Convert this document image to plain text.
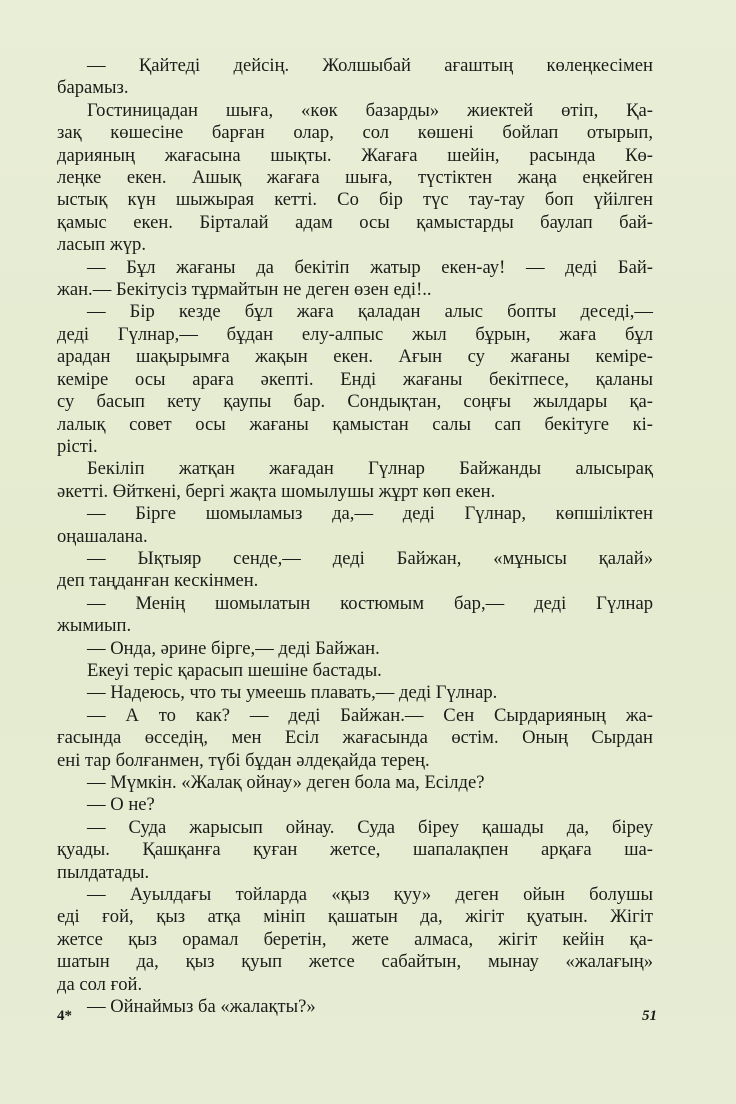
— Қайтеді дейсің. Жолшыбай ағаштың көлеңкесімен
барамыз.
Гостиницадан шыға, «көк базарды» жиектей өтіп, Қа-
зақ көшесіне барған олар, сол көшені бойлап отырып,
дарияның жағасына шықты. Жағаға шейін, расында Кө-
леңке екен. Ашық жағаға шыға, түстіктен жаңа еңкейген
ыстық күн шыжырая кетті. Со бір түс тау-тау боп үйілген
қамыс екен. Бірталай адам осы қамыстарды баулап бай-
ласып жүр.
— Бұл жағаны да бекітіп жатыр екен-ау! — деді Бай-
жан.— Бекітусіз тұрмайтын не деген өзен еді!..
— Бір кезде бұл жаға қаладан алыс бопты деседі,—
деді Гүлнар,— бұдан елу-алпыс жыл бұрын, жаға бұл
арадан шақырымға жақын екен. Ағын су жағаны кеміре-
кеміре осы араға әкепті. Енді жағаны бекітпесе, қаланы
су басып кету қаупы бар. Сондықтан, соңғы жылдары қа-
лалық совет осы жағаны қамыстан салы сап бекітуге кі-
рісті.
Бекіліп жатқан жағадан Гүлнар Байжанды алысырақ
әкетті. Өйткені, бергі жақта шомылушы жұрт көп екен.
— Бірге шомыламыз да,— деді Гүлнар, көпшіліктен
оңашалана.
— Ықтыяр сенде,— деді Байжан, «мұнысы қалай»
деп таңданған кескінмен.
— Менің шомылатын костюмым бар,— деді Гүлнар
жымиып.
— Онда, әрине бірге,— деді Байжан.
Екеуі теріс қарасып шешіне бастады.
— Надеюсь, что ты умеешь плавать,— деді Гүлнар.
— А то как? — деді Байжан.— Сен Сырдарияның жа-
ғасында өсседің, мен Есіл жағасында өстім. Оның Сырдан
ені тар болғанмен, түбі бұдан әлдеқайда терең.
— Мүмкін. «Жалақ ойнау» деген бола ма, Есілде?
— О не?
— Суда жарысып ойнау. Суда біреу қашады да, біреу
қуады. Қашқанға қуған жетсе, шапалақпен арқаға ша-
пылдатады.
— Ауылдағы тойларда «қыз қуу» деген ойын болушы
еді ғой, қыз атқа мініп қашатын да, жігіт қуатын. Жігіт
жетсе қыз орамал беретін, жете алмаса, жігіт кейін қа-
шатын да, қыз қуып жетсе сабайтын, мынау «жалағың»
да сол ғой.
— Ойнаймыз ба «жалақты?»
4*	51
